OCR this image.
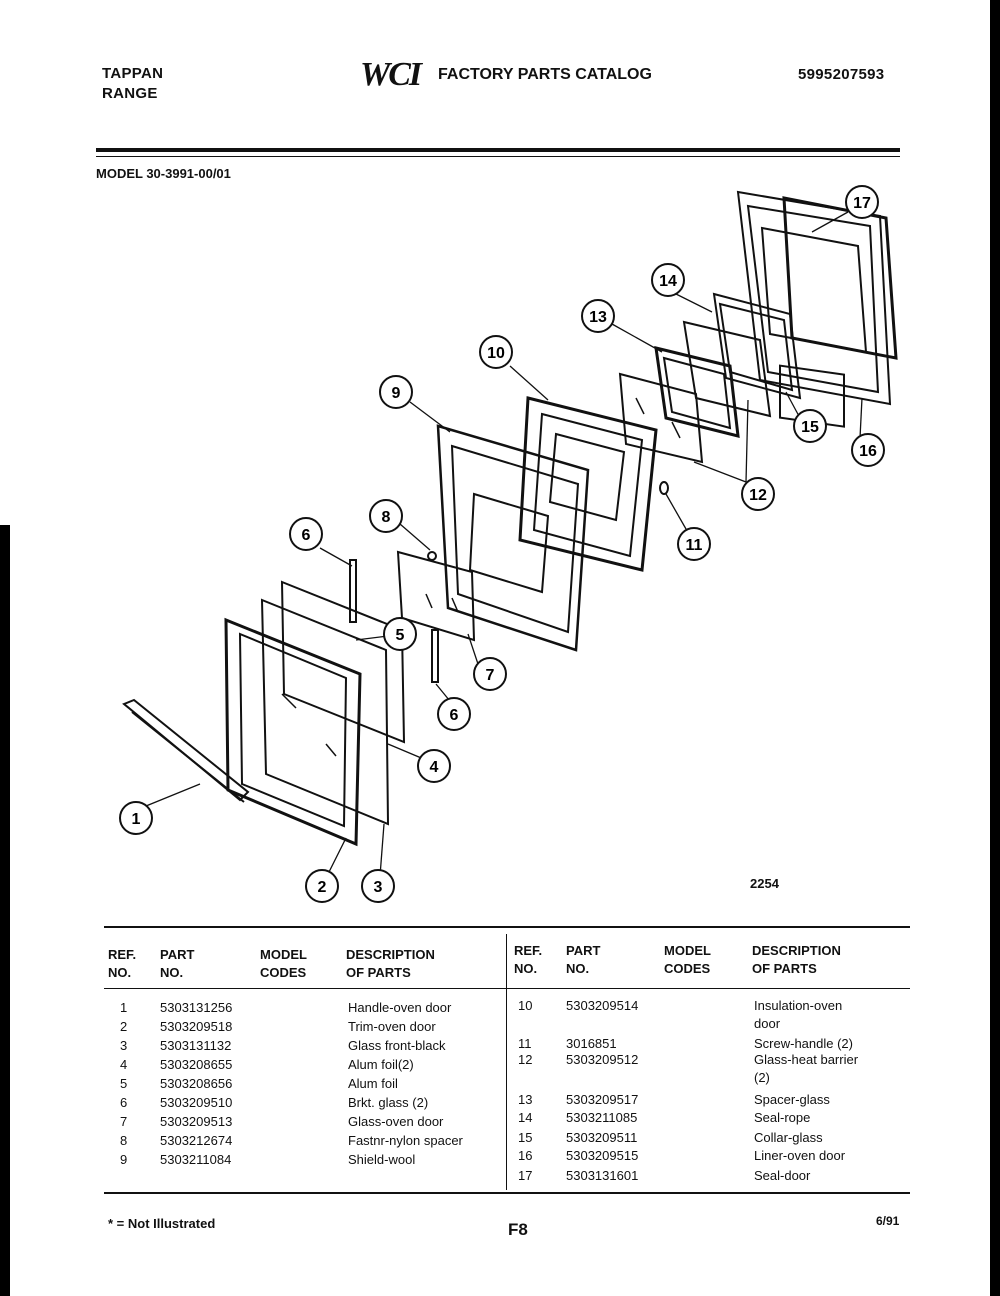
TAPPAN
RANGE
WCI FACTORY PARTS CATALOG	5995207593
MODEL 30-3991-00/01
17
14
13
10
9
15
16
12
8
11
6
5
7
6
4
1
2	3	2254
REF.
NO.
PART
NO.
MODEL
CODES
DESCRIPTION
OF PARTS
REF.
NO.
PART
NO.
MODEL
CODES
DESCRIPTION
OF PARTS
1	5303131256	Handle-oven door
2	5303209518	Trim-oven door
3	5303131132	Glass front-black
4	5303208655	Alum foil(2)
5	5303208656	Alum foil
6	5303209510	Brkt. glass (2)
7	5303209513	Glass-oven door
8	5303212674	Fastnr-nylon spacer
9	5303211084	Shield-wool
10	5303209514	Insulation-oven
door
11	3016851	Screw-handle (2)
12	5303209512	Glass-heat barrier
(2)
13	5303209517	Spacer-glass
14	5303211085	Seal-rope
15	5303209511	Collar-glass
16	5303209515	Liner-oven door
17	5303131601	Seal-door
* = Not Illustrated	F8	6/91
